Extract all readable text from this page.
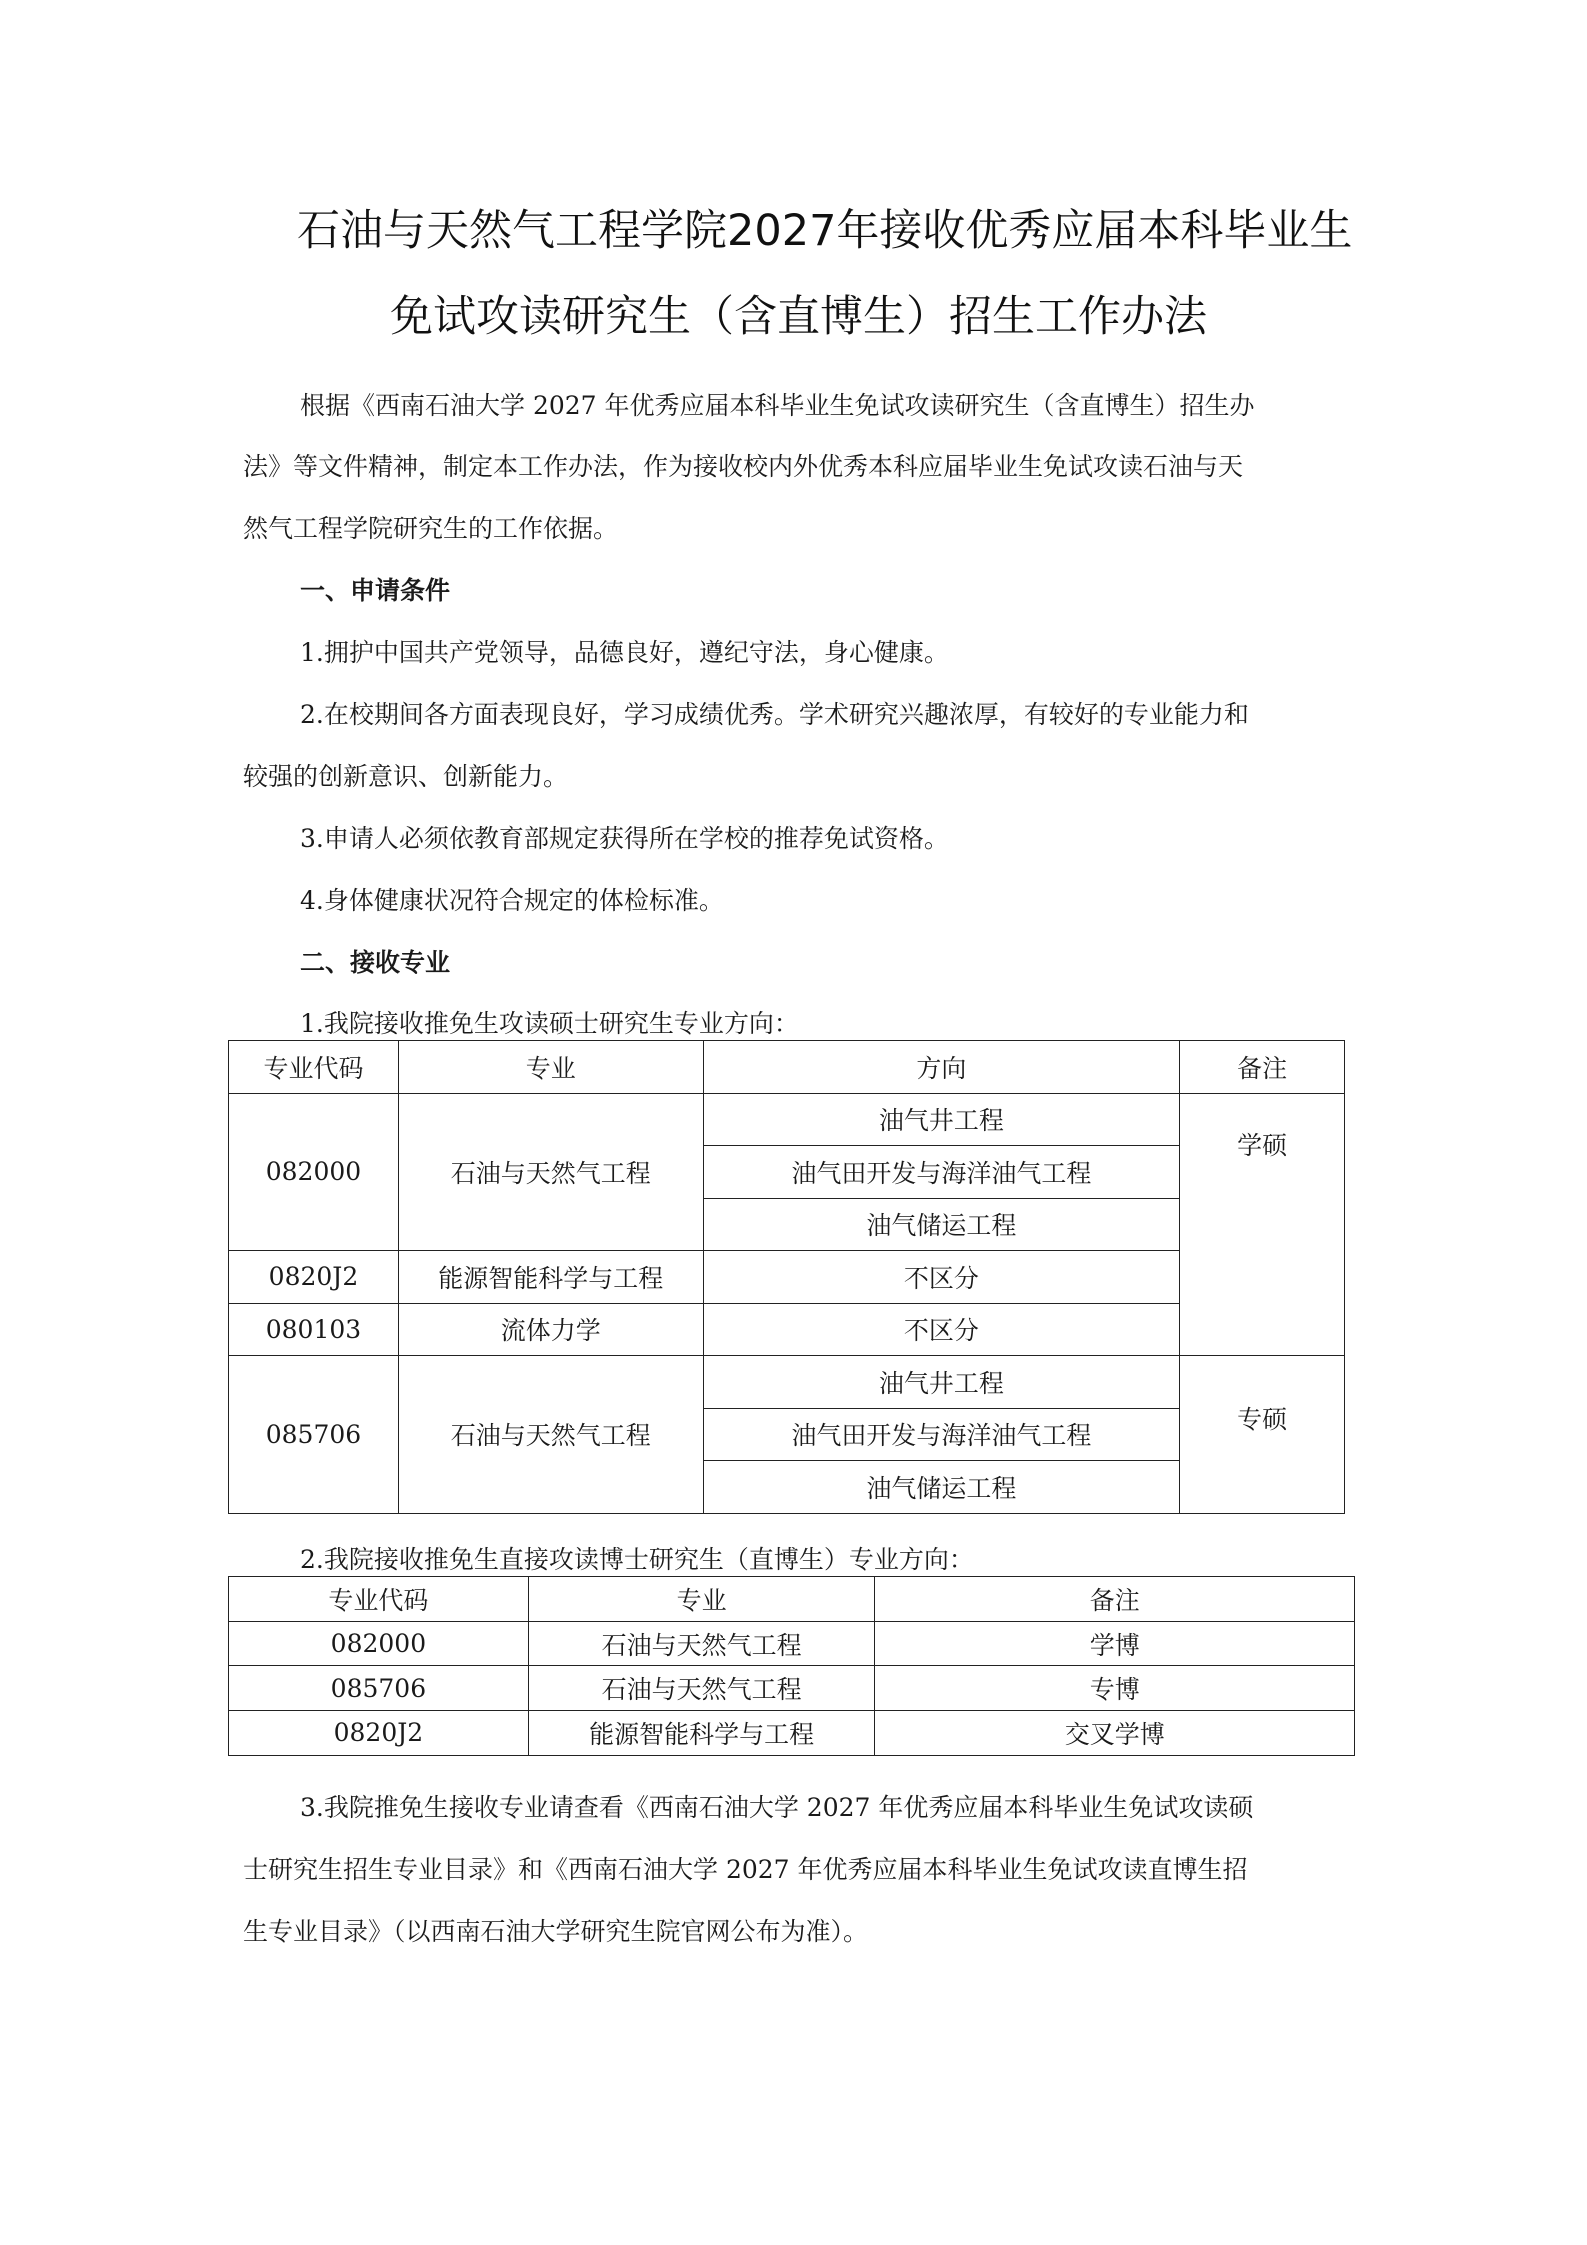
石油与天然气工程学院2027年接收优秀应届本科毕业生
免试攻读研究生（含直博生）招生工作办法
根据《西南石油大学 2027 年优秀应届本科毕业生免试攻读研究生（含直博生）招生办
法》等文件精神，制定本工作办法，作为接收校内外优秀本科应届毕业生免试攻读石油与天
然气工程学院研究生的工作依据。
一、申请条件
1.拥护中国共产党领导，品德良好，遵纪守法，身心健康。
2.在校期间各方面表现良好，学习成绩优秀。学术研究兴趣浓厚，有较好的专业能力和
较强的创新意识、创新能力。
3.申请人必须依教育部规定获得所在学校的推荐免试资格。
4.身体健康状况符合规定的体检标准。
二、接收专业
1.我院接收推免生攻读硕士研究生专业方向：
专业代码	专业	方向	备注
082000	石油与天然气工程	油气井工程	学硕

		油气田开发与海洋油气工程	
		油气储运工程	
0820J2	能源智能科学与工程	不区分	
080103	流体力学	不区分	
085706	石油与天然气工程	油气井工程	专硕

		油气田开发与海洋油气工程	
		油气储运工程	
2.我院接收推免生直接攻读博士研究生（直博生）专业方向：
专业代码	专业	备注
082000	石油与天然气工程	学博
085706	石油与天然气工程	专博
0820J2	能源智能科学与工程	交叉学博
3.我院推免生接收专业请查看《西南石油大学 2027 年优秀应届本科毕业生免试攻读硕
士研究生招生专业目录》和《西南石油大学 2027 年优秀应届本科毕业生免试攻读直博生招
生专业目录》（以西南石油大学研究生院官网公布为准）。
